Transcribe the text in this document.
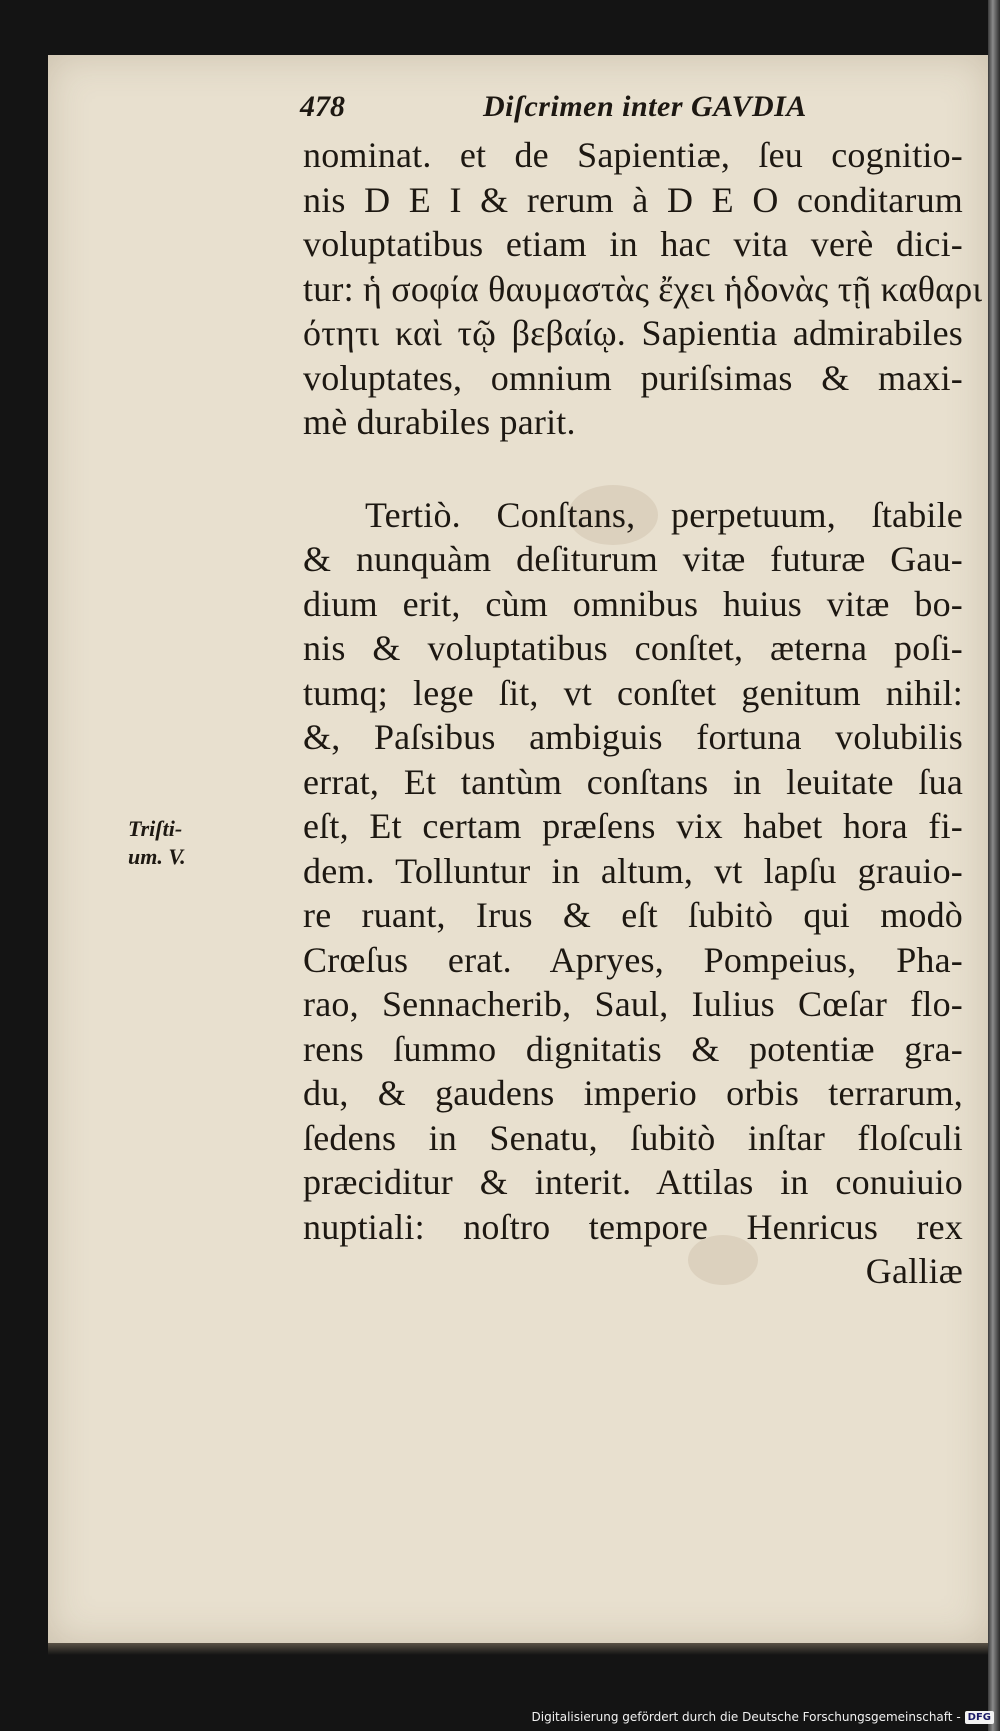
478	Diſcrimen inter GAVDIA
Triſti-
um. V.
nominat. et de Sapientiæ, ſeu cognitio-
nis D E I & rerum à D E O conditarum
voluptatibus etiam in hac vita verè dici-
tur: ἡ σοφία θαυμαστὰς ἔχει ἡδονὰς τῇ καθαρι
ότητι καὶ τῷ βεβαίῳ. Sapientia admirabiles
voluptates, omnium puriſsimas & maxi-
mè durabiles parit.
Tertiò. Conſtans, perpetuum, ſtabile
& nunquàm deſiturum vitæ futuræ Gau-
dium erit, cùm omnibus huius vitæ bo-
nis & voluptatibus conſtet, æterna poſi-
tumq; lege ſit, vt conſtet genitum nihil:
&, Paſsibus ambiguis fortuna volubilis
errat, Et tantùm conſtans in leuitate ſua
eſt, Et certam præſens vix habet hora fi-
dem. Tolluntur in altum, vt lapſu grauio-
re ruant, Irus & eſt ſubitò qui modò
Crœſus erat. Apryes, Pompeius, Pha-
rao, Sennacherib, Saul, Iulius Cœſar flo-
rens ſummo dignitatis & potentiæ gra-
du, & gaudens imperio orbis terrarum,
ſedens in Senatu, ſubitò inſtar floſculi
præciditur & interit. Attilas in conuiuio
nuptiali: noſtro tempore Henricus rex
Galliæ
Digitalisierung gefördert durch die Deutsche Forschungsgemeinschaft - DFG
